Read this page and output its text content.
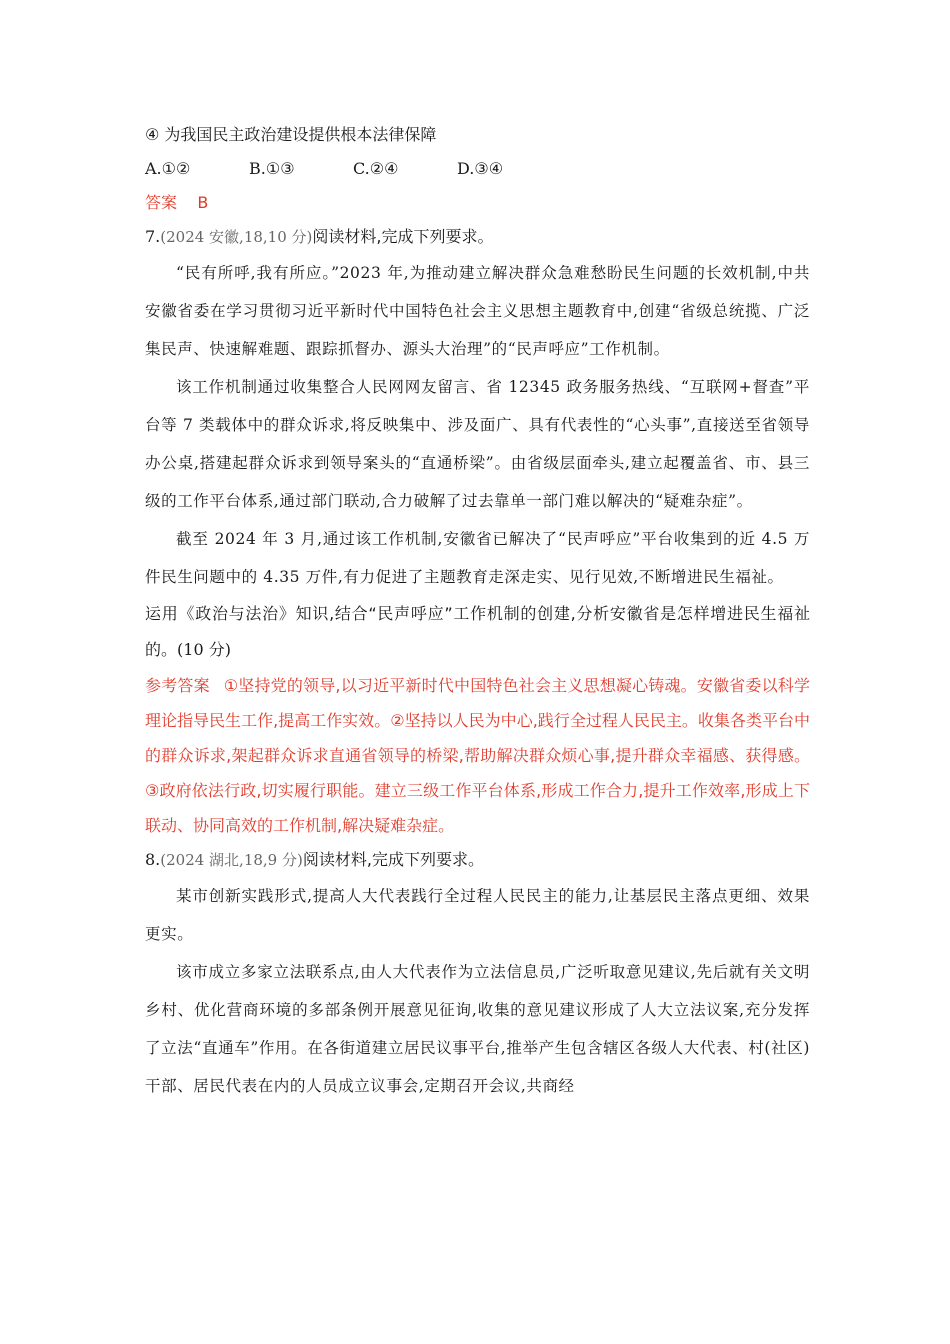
④ 为我国民主政治建设提供根本法律保障
A.①②	B.①③	C.②④	D.③④
答案 B
7.(2024 安徽,18,10 分)阅读材料,完成下列要求。
“民有所呼,我有所应。”2023 年,为推动建立解决群众急难愁盼民生问题的长效机制,中共安徽省委在学习贯彻习近平新时代中国特色社会主义思想主题教育中,创建“省级总统揽、广泛集民声、快速解难题、跟踪抓督办、源头大治理”的“民声呼应”工作机制。
该工作机制通过收集整合人民网网友留言、省 12345 政务服务热线、“互联网+督查”平台等 7 类载体中的群众诉求,将反映集中、涉及面广、具有代表性的“心头事”,直接送至省领导办公桌,搭建起群众诉求到领导案头的“直通桥梁”。由省级层面牵头,建立起覆盖省、市、县三级的工作平台体系,通过部门联动,合力破解了过去靠单一部门难以解决的“疑难杂症”。
截至 2024 年 3 月,通过该工作机制,安徽省已解决了“民声呼应”平台收集到的近 4.5 万件民生问题中的 4.35 万件,有力促进了主题教育走深走实、见行见效,不断增进民生福祉。
运用《政治与法治》知识,结合“民声呼应”工作机制的创建,分析安徽省是怎样增进民生福祉的。(10 分)
参考答案 ①坚持党的领导,以习近平新时代中国特色社会主义思想凝心铸魂。安徽省委以科学理论指导民生工作,提高工作实效。②坚持以人民为中心,践行全过程人民民主。收集各类平台中的群众诉求,架起群众诉求直通省领导的桥梁,帮助解决群众烦心事,提升群众幸福感、获得感。③政府依法行政,切实履行职能。建立三级工作平台体系,形成工作合力,提升工作效率,形成上下联动、协同高效的工作机制,解决疑难杂症。
8.(2024 湖北,18,9 分)阅读材料,完成下列要求。
某市创新实践形式,提高人大代表践行全过程人民民主的能力,让基层民主落点更细、效果更实。
该市成立多家立法联系点,由人大代表作为立法信息员,广泛听取意见建议,先后就有关文明乡村、优化营商环境的多部条例开展意见征询,收集的意见建议形成了人大立法议案,充分发挥了立法“直通车”作用。在各街道建立居民议事平台,推举产生包含辖区各级人大代表、村(社区)干部、居民代表在内的人员成立议事会,定期召开会议,共商经
